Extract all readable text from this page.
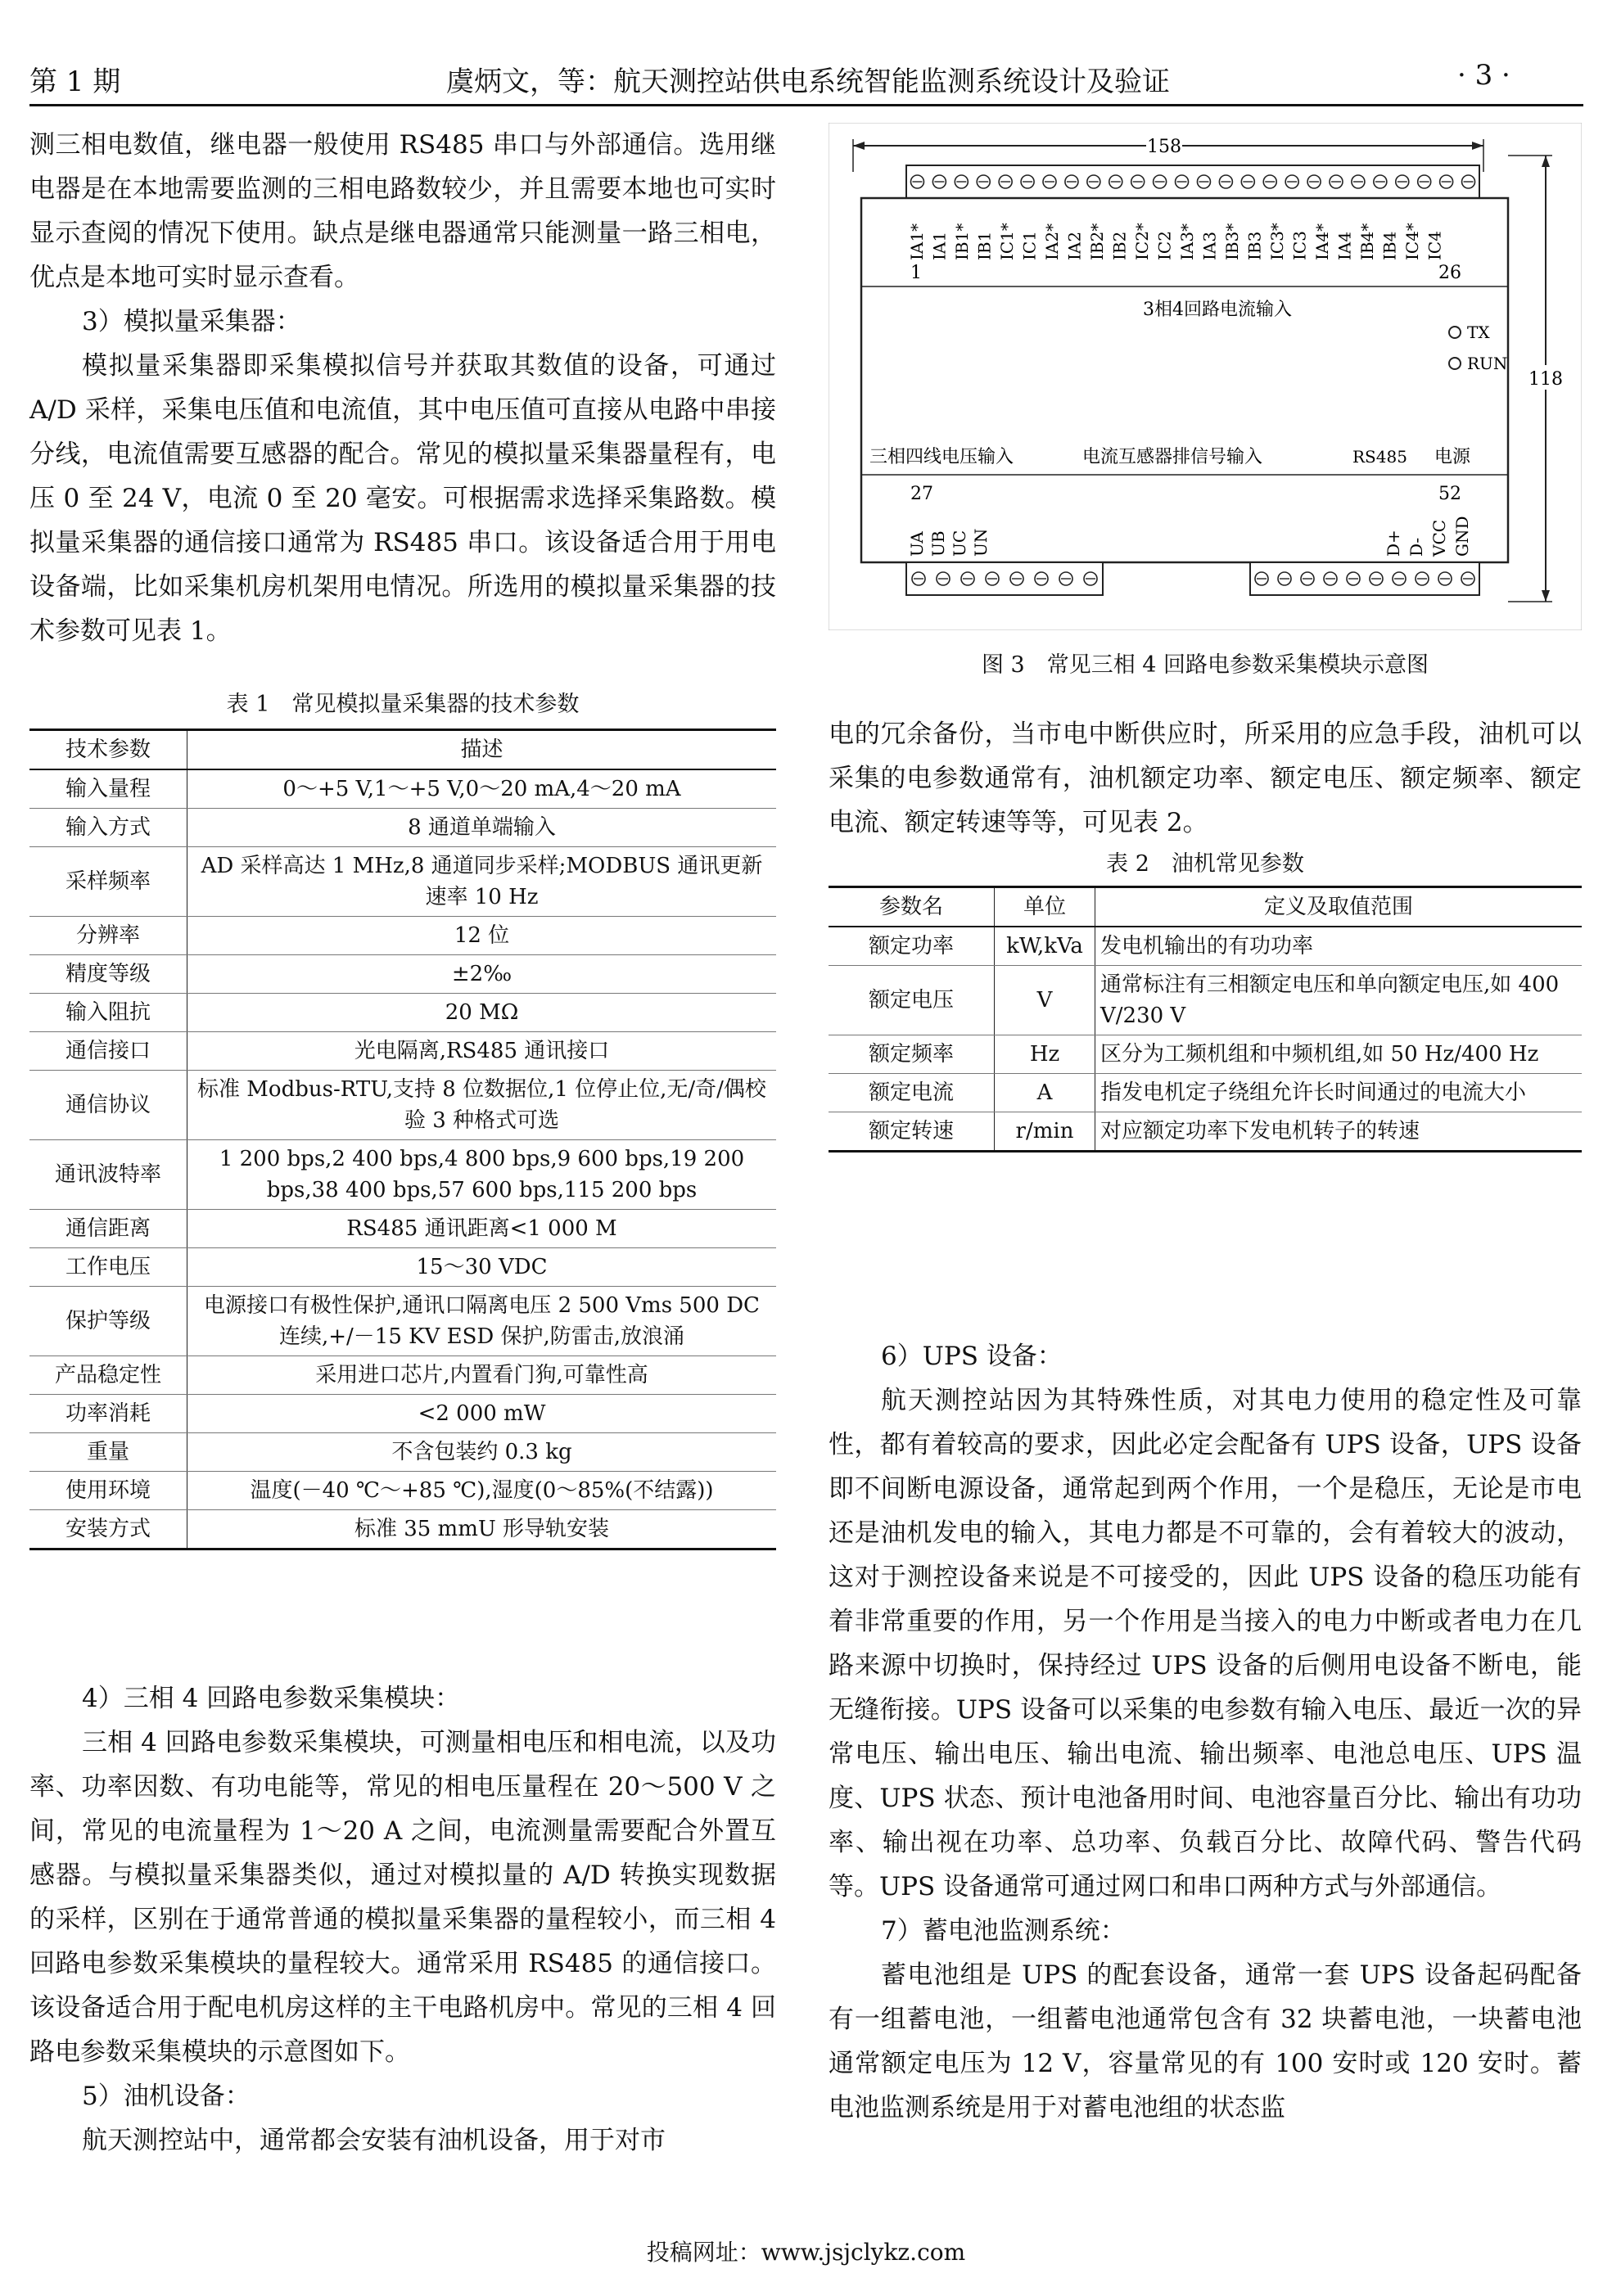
第 1 期	虞炳文，等：航天测控站供电系统智能监测系统设计及验证	· 3 ·

测三相电数值，继电器一般使用 RS485 串口与外部通信。选用继电器是在本地需要监测的三相电路数较少，并且需要本地也可实时显示查阅的情况下使用。缺点是继电器通常只能测量一路三相电，优点是本地可实时显示查看。

3）模拟量采集器：

模拟量采集器即采集模拟信号并获取其数值的设备，可通过 A/D 采样，采集电压值和电流值，其中电压值可直接从电路中串接分线，电流值需要互感器的配合。常见的模拟量采集器量程有，电压 0 至 24 V，电流 0 至 20 毫安。可根据需求选择采集路数。模拟量采集器的通信接口通常为 RS485 串口。该设备适合用于用电设备端，比如采集机房机架用电情况。所选用的模拟量采集器的技术参数可见表 1。

表 1　常见模拟量采集器的技术参数
技术参数	描述
输入量程	0～+5 V,1～+5 V,0～20 mA,4～20 mA
输入方式	8 通道单端输入
采样频率	AD 采样高达 1 MHz,8 通道同步采样;MODBUS 通讯更新速率 10 Hz
分辨率	12 位
精度等级	±2‰
输入阻抗	20 MΩ
通信接口	光电隔离,RS485 通讯接口
通信协议	标准 Modbus-RTU,支持 8 位数据位,1 位停止位,无/奇/偶校验 3 种格式可选
通讯波特率	1 200 bps,2 400 bps,4 800 bps,9 600 bps,19 200 bps,38 400 bps,57 600 bps,115 200 bps
通信距离	RS485 通讯距离<1 000 M
工作电压	15～30 VDC
保护等级	电源接口有极性保护,通讯口隔离电压 2 500 Vms 500 DC 连续,+/－15 KV ESD 保护,防雷击,放浪涌
产品稳定性	采用进口芯片,内置看门狗,可靠性高
功率消耗	<2 000 mW
重量	不含包装约 0.3 kg
使用环境	温度(－40 ℃～+85 ℃),湿度(0～85%(不结露))
安装方式	标准 35 mmU 形导轨安装

4）三相 4 回路电参数采集模块：

三相 4 回路电参数采集模块，可测量相电压和相电流，以及功率、功率因数、有功电能等，常见的相电压量程在 20～500 V 之间，常见的电流量程为 1～20 A 之间，电流测量需要配合外置互感器。与模拟量采集器类似，通过对模拟量的 A/D 转换实现数据的采样，区别在于通常普通的模拟量采集器的量程较小，而三相 4 回路电参数采集模块的量程较大。通常采用 RS485 的通信接口。该设备适合用于配电机房这样的主干电路机房中。常见的三相 4 回路电参数采集模块的示意图如下。

5）油机设备：

航天测控站中，通常都会安装有油机设备，用于对市

158
118
IA1* IA1 IB1* IB1 IC1* IC1 IA2* IA2 IB2* IB2 IC2* IC2 IA3* IA3 IB3* IB3 IC3* IC3 IA4* IA4 IB4* IB4 IC4* IC4
1	26
3相4回路电流输入
TX
RUN
三相四线电压输入	电流互感器排信号输入	RS485 电源
27	52
UA UB UC UN	D+ D- VCC GND
图 3　常见三相 4 回路电参数采集模块示意图

电的冗余备份，当市电中断供应时，所采用的应急手段，油机可以采集的电参数通常有，油机额定功率、额定电压、额定频率、额定电流、额定转速等等，可见表 2。

表 2　油机常见参数
参数名	单位	定义及取值范围
额定功率	kW,kVa	发电机输出的有功功率
额定电压	V	通常标注有三相额定电压和单向额定电压,如 400 V/230 V
额定频率	Hz	区分为工频机组和中频机组,如 50 Hz/400 Hz
额定电流	A	指发电机定子绕组允许长时间通过的电流大小
额定转速	r/min	对应额定功率下发电机转子的转速

6）UPS 设备：

航天测控站因为其特殊性质，对其电力使用的稳定性及可靠性，都有着较高的要求，因此必定会配备有 UPS 设备，UPS 设备即不间断电源设备，通常起到两个作用，一个是稳压，无论是市电还是油机发电的输入，其电力都是不可靠的，会有着较大的波动，这对于测控设备来说是不可接受的，因此 UPS 设备的稳压功能有着非常重要的作用，另一个作用是当接入的电力中断或者电力在几路来源中切换时，保持经过 UPS 设备的后侧用电设备不断电，能无缝衔接。UPS 设备可以采集的电参数有输入电压、最近一次的异常电压、输出电压、输出电流、输出频率、电池总电压、UPS 温度、UPS 状态、预计电池备用时间、电池容量百分比、输出有功功率、输出视在功率、总功率、负载百分比、故障代码、警告代码等。UPS 设备通常可通过网口和串口两种方式与外部通信。

7）蓄电池监测系统：

蓄电池组是 UPS 的配套设备，通常一套 UPS 设备起码配备有一组蓄电池，一组蓄电池通常包含有 32 块蓄电池，一块蓄电池通常额定电压为 12 V，容量常见的有 100 安时或 120 安时。蓄电池监测系统是用于对蓄电池组的状态监

投稿网址：www.jsjclykz.com
